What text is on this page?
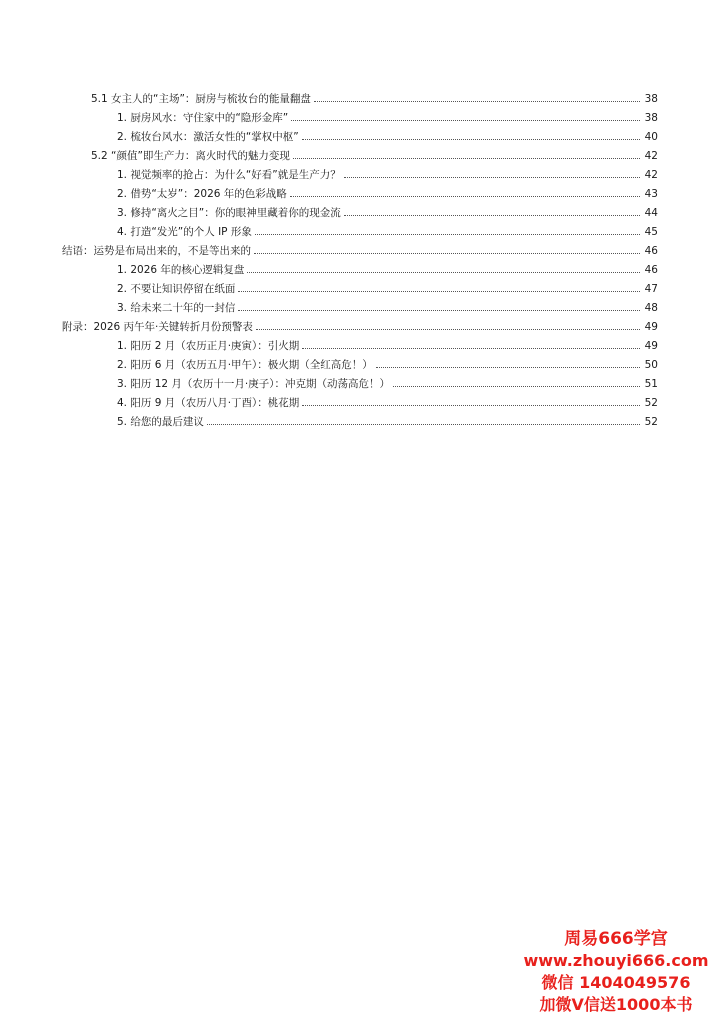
5.1 女主人的“主场”：厨房与梳妆台的能量翻盘	38
1. 厨房风水：守住家中的“隐形金库”	38
2. 梳妆台风水：激活女性的“掌权中枢”	40
5.2 “颜值”即生产力：离火时代的魅力变现	42
1. 视觉频率的抢占：为什么“好看”就是生产力？	42
2. 借势“太岁”：2026 年的色彩战略	43
3. 修持“离火之目”：你的眼神里藏着你的现金流	44
4. 打造“发光”的个人 IP 形象	45
结语：运势是布局出来的，不是等出来的	46
1. 2026 年的核心逻辑复盘	46
2. 不要让知识停留在纸面	47
3. 给未来二十年的一封信	48
附录：2026 丙午年·关键转折月份预警表	49
1. 阳历 2 月（农历正月·庚寅）：引火期	49
2. 阳历 6 月（农历五月·甲午）：极火期（全红高危！）	50
3. 阳历 12 月（农历十一月·庚子）：冲克期（动荡高危！）	51
4. 阳历 9 月（农历八月·丁酉）：桃花期	52
5. 给您的最后建议	52
周易666学宫
www.zhouyi666.com
微信 1404049576
加微V信送1000本书
